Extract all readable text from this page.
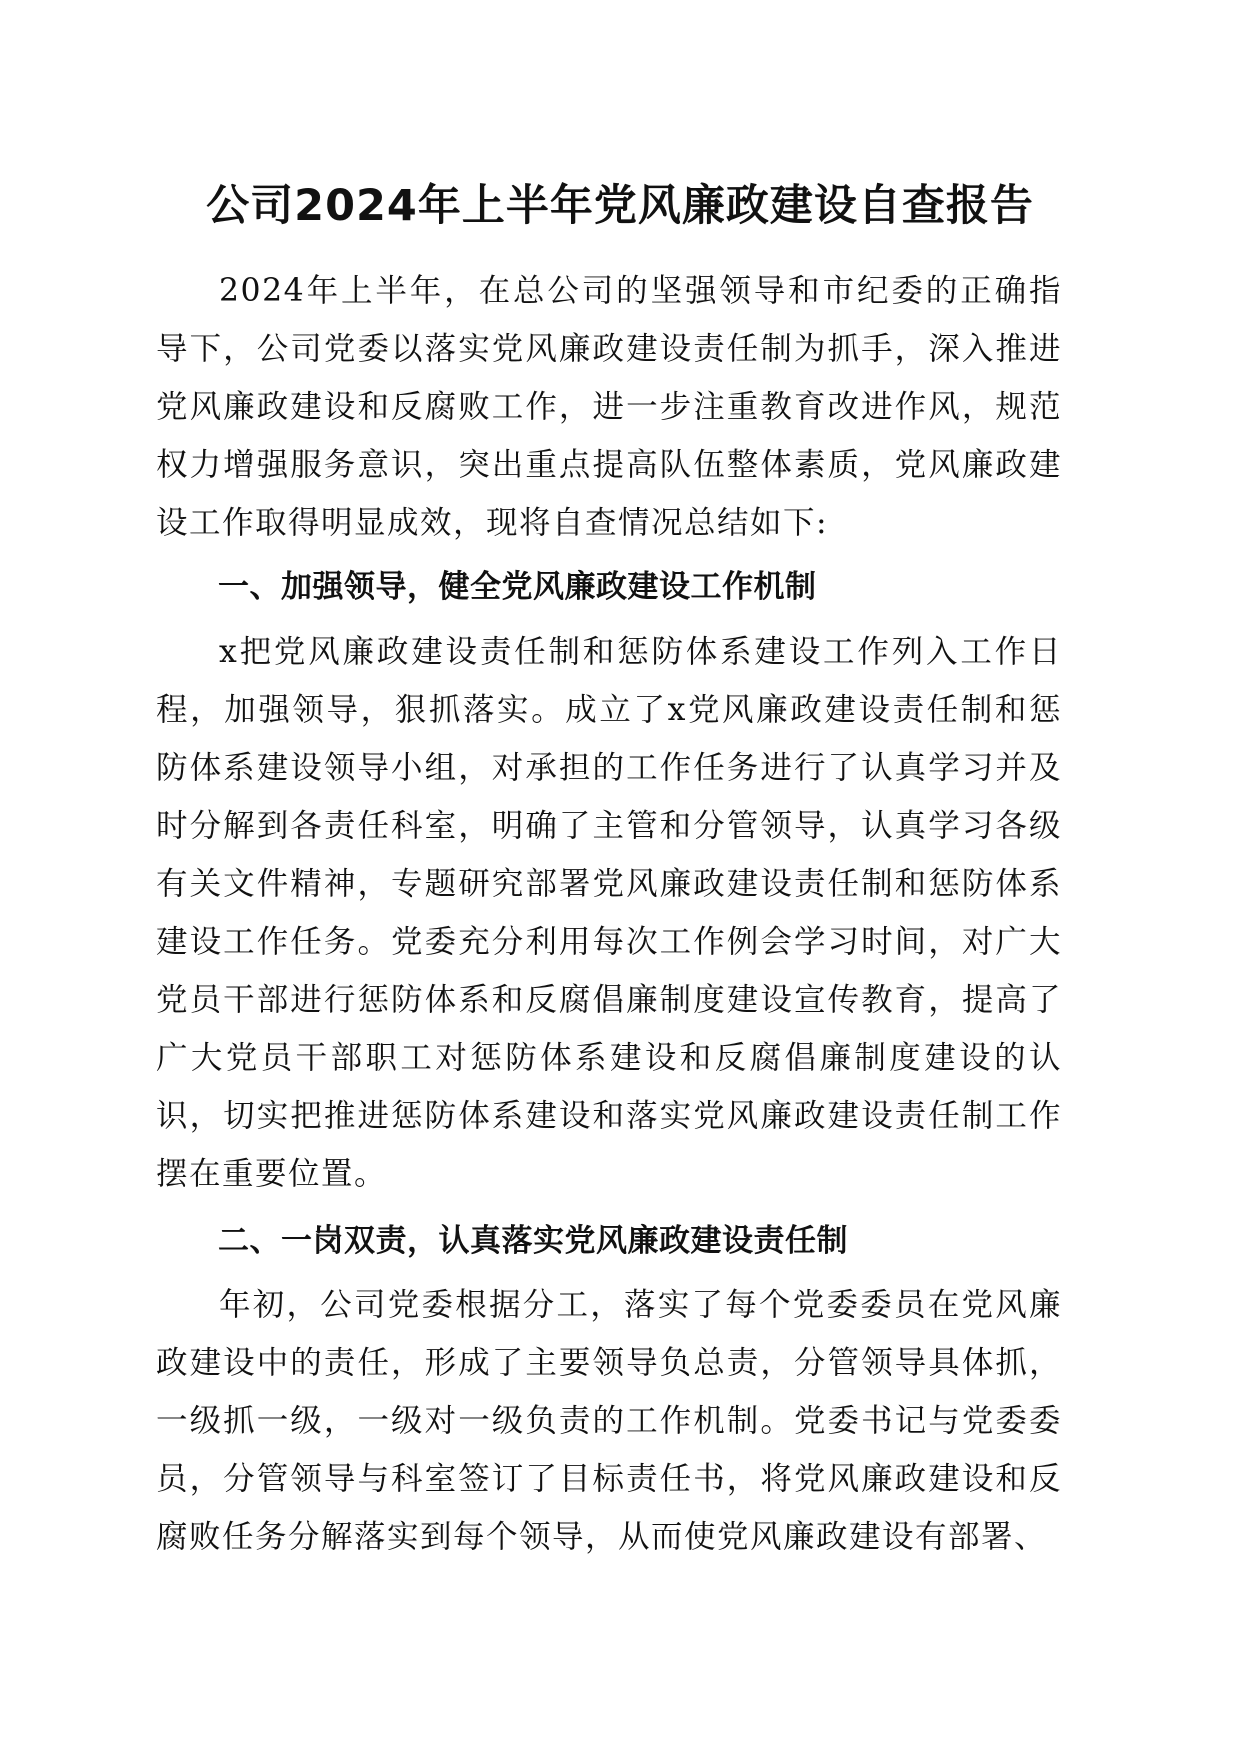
公司2024年上半年党风廉政建设自查报告

2024年上半年，在总公司的坚强领导和市纪委的正确指导下，公司党委以落实党风廉政建设责任制为抓手，深入推进党风廉政建设和反腐败工作，进一步注重教育改进作风，规范权力增强服务意识，突出重点提高队伍整体素质，党风廉政建设工作取得明显成效，现将自查情况总结如下:

一、加强领导，健全党风廉政建设工作机制

x把党风廉政建设责任制和惩防体系建设工作列入工作日程，加强领导，狠抓落实。成立了x党风廉政建设责任制和惩防体系建设领导小组，对承担的工作任务进行了认真学习并及时分解到各责任科室，明确了主管和分管领导，认真学习各级有关文件精神，专题研究部署党风廉政建设责任制和惩防体系建设工作任务。党委充分利用每次工作例会学习时间，对广大党员干部进行惩防体系和反腐倡廉制度建设宣传教育，提高了广大党员干部职工对惩防体系建设和反腐倡廉制度建设的认识，切实把推进惩防体系建设和落实党风廉政建设责任制工作摆在重要位置。

二、一岗双责，认真落实党风廉政建设责任制

年初，公司党委根据分工，落实了每个党委委员在党风廉政建设中的责任，形成了主要领导负总责，分管领导具体抓，一级抓一级，一级对一级负责的工作机制。党委书记与党委委员，分管领导与科室签订了目标责任书，将党风廉政建设和反腐败任务分解落实到每个领导，从而使党风廉政建设有部署、
